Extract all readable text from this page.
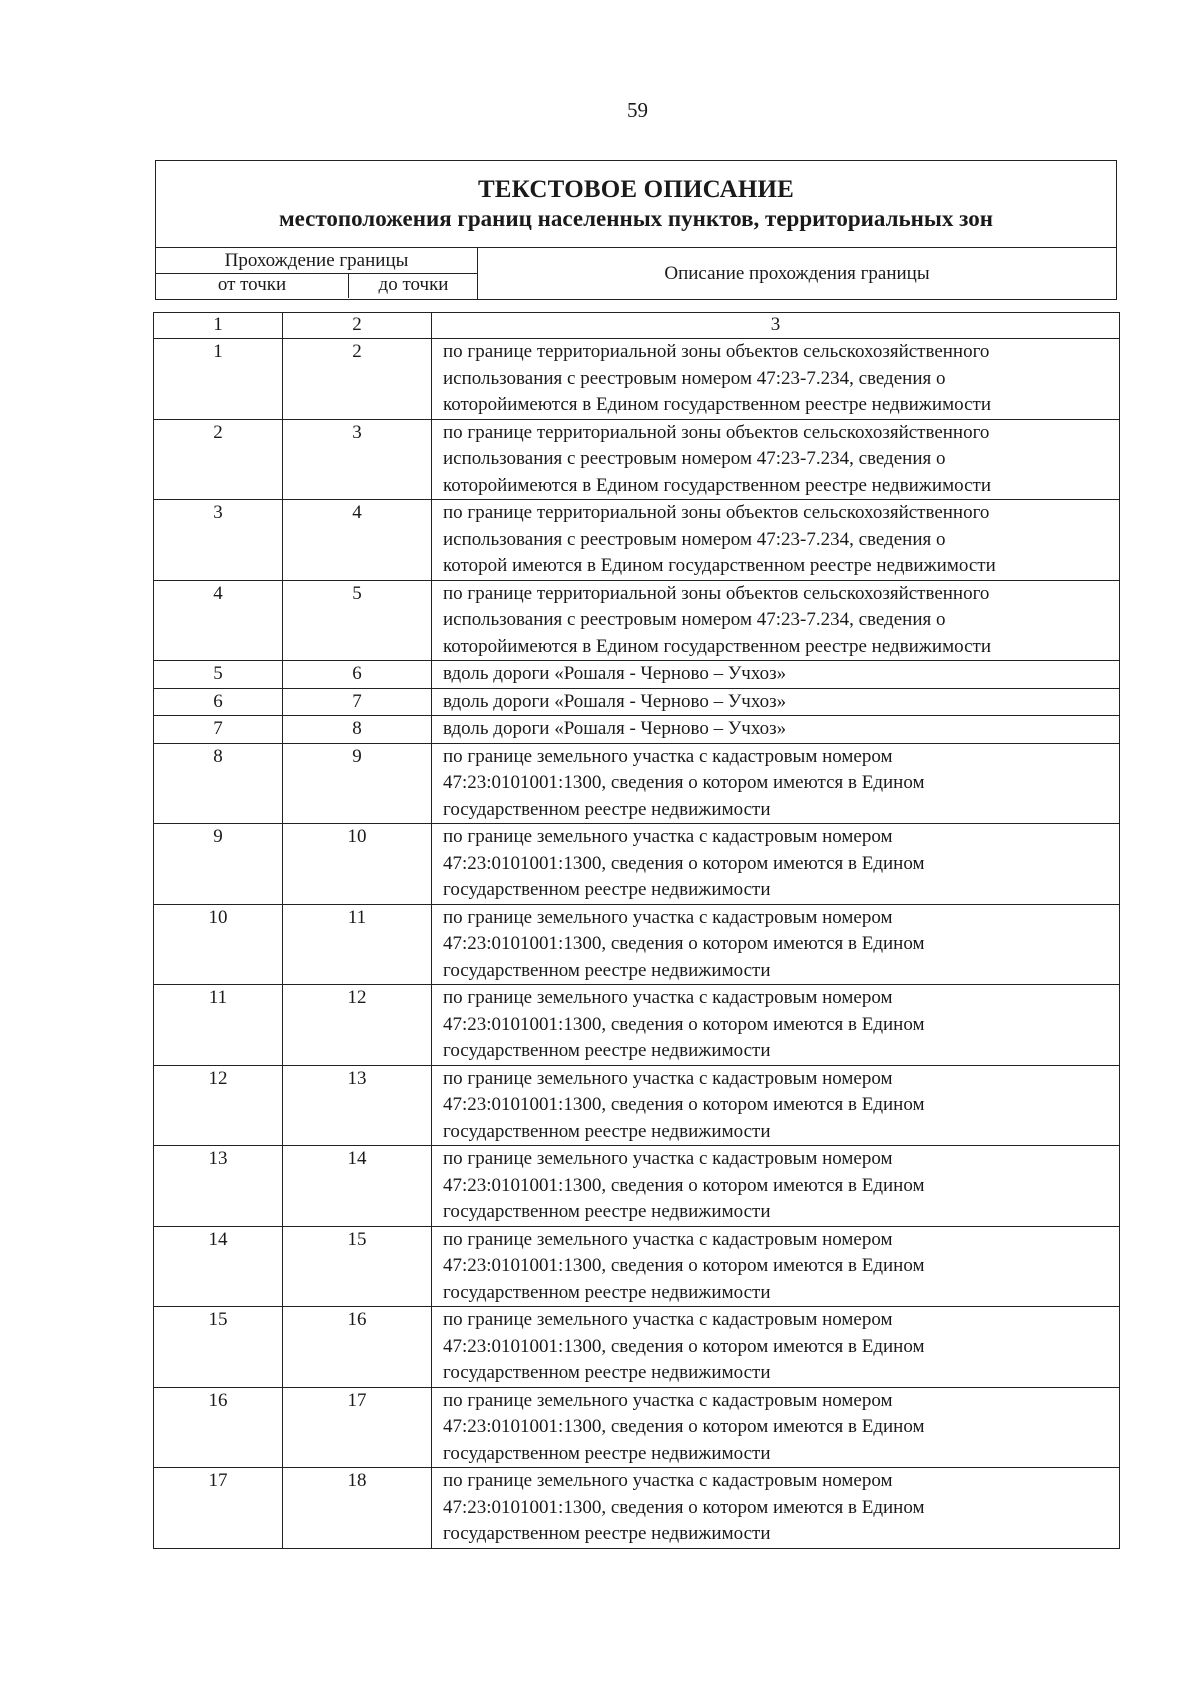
59
ТЕКСТОВОЕ ОПИСАНИЕ
местоположения границ населенных пунктов, территориальных зон
Прохождение границы
от точки	до точки
Описание прохождения границы
1	2	3
1	2	по границе территориальной зоны объектов сельскохозяйственного
использования с реестровым номером 47:23-7.234, сведения о
которойимеются в Едином государственном реестре недвижимости

2	3	по границе территориальной зоны объектов сельскохозяйственного
использования с реестровым номером 47:23-7.234, сведения о
которойимеются в Едином государственном реестре недвижимости

3	4	по границе территориальной зоны объектов сельскохозяйственного
использования с реестровым номером 47:23-7.234, сведения о
которой имеются в Едином государственном реестре недвижимости

4	5	по границе территориальной зоны объектов сельскохозяйственного
использования с реестровым номером 47:23-7.234, сведения о
которойимеются в Едином государственном реестре недвижимости

5	6	вдоль дороги «Рошаля - Черново – Учхоз»

6	7	вдоль дороги «Рошаля - Черново – Учхоз»

7	8	вдоль дороги «Рошаля - Черново – Учхоз»

8	9	по границе земельного участка с кадастровым номером
47:23:0101001:1300, сведения о котором имеются в Едином
государственном реестре недвижимости

9	10	по границе земельного участка с кадастровым номером
47:23:0101001:1300, сведения о котором имеются в Едином
государственном реестре недвижимости

10	11	по границе земельного участка с кадастровым номером
47:23:0101001:1300, сведения о котором имеются в Едином
государственном реестре недвижимости

11	12	по границе земельного участка с кадастровым номером
47:23:0101001:1300, сведения о котором имеются в Едином
государственном реестре недвижимости

12	13	по границе земельного участка с кадастровым номером
47:23:0101001:1300, сведения о котором имеются в Едином
государственном реестре недвижимости

13	14	по границе земельного участка с кадастровым номером
47:23:0101001:1300, сведения о котором имеются в Едином
государственном реестре недвижимости

14	15	по границе земельного участка с кадастровым номером
47:23:0101001:1300, сведения о котором имеются в Едином
государственном реестре недвижимости

15	16	по границе земельного участка с кадастровым номером
47:23:0101001:1300, сведения о котором имеются в Едином
государственном реестре недвижимости

16	17	по границе земельного участка с кадастровым номером
47:23:0101001:1300, сведения о котором имеются в Едином
государственном реестре недвижимости

17	18	по границе земельного участка с кадастровым номером
47:23:0101001:1300, сведения о котором имеются в Едином
государственном реестре недвижимости
